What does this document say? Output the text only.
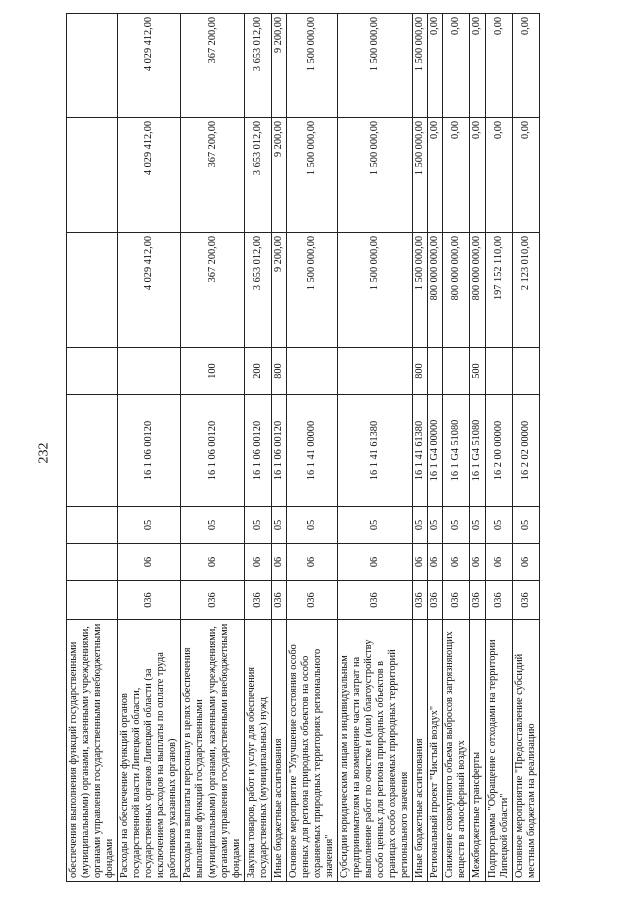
232
обеспечения выполнения функций государственными (муниципальными) органами, казенными учреждениями, органами управления государственными внебюджетными фондами								
Расходы на обеспечение функций органов государственной власти Липецкой области, государственных органов Липецкой области (за исключением расходов на выплаты по оплате труда работников указанных органов)	036	06	05	16 1 06 00120		4 029 412,00	4 029 412,00	4 029 412,00
Расходы на выплаты персоналу в целях обеспечения выполнения функций государственными (муниципальными) органами, казенными учреждениями, органами управления государственными внебюджетными фондами	036	06	05	16 1 06 00120	100	367 200,00	367 200,00	367 200,00
Закупка товаров, работ и услуг для обеспечения государственных (муниципальных) нужд	036	06	05	16 1 06 00120	200	3 653 012,00	3 653 012,00	3 653 012,00
Иные бюджетные ассигнования	036	06	05	16 1 06 00120	800	9 200,00	9 200,00	9 200,00
Основное мероприятие "Улучшение состояния особо ценных для региона природных объектов на особо охраняемых природных территориях регионального значения"	036	06	05	16 1 41 00000		1 500 000,00	1 500 000,00	1 500 000,00
Субсидии юридическим лицам и индивидуальным предпринимателям на возмещение части затрат на выполнение работ по очистке и (или) благоустройству особо ценных для региона природных объектов в границах особо охраняемых природных территорий регионального значения	036	06	05	16 1 41 61380		1 500 000,00	1 500 000,00	1 500 000,00
Иные бюджетные ассигнования	036	06	05	16 1 41 61380	800	1 500 000,00	1 500 000,00	1 500 000,00
Региональный проект "Чистый воздух"	036	06	05	16 1 G4 00000		800 000 000,00	0,00	0,00
Снижение совокупного объема выбросов загрязняющих веществ в атмосферный воздух	036	06	05	16 1 G4 51080		800 000 000,00	0,00	0,00
Межбюджетные трансферты	036	06	05	16 1 G4 51080	500	800 000 000,00	0,00	0,00
Подпрограмма "Обращение с отходами на территории Липецкой области"	036	06	05	16 2 00 00000		197 152 110,00	0,00	0,00
Основное мероприятие "Предоставление субсидий местным бюджетам на реализацию	036	06	05	16 2 02 00000		2 123 010,00	0,00	0,00
